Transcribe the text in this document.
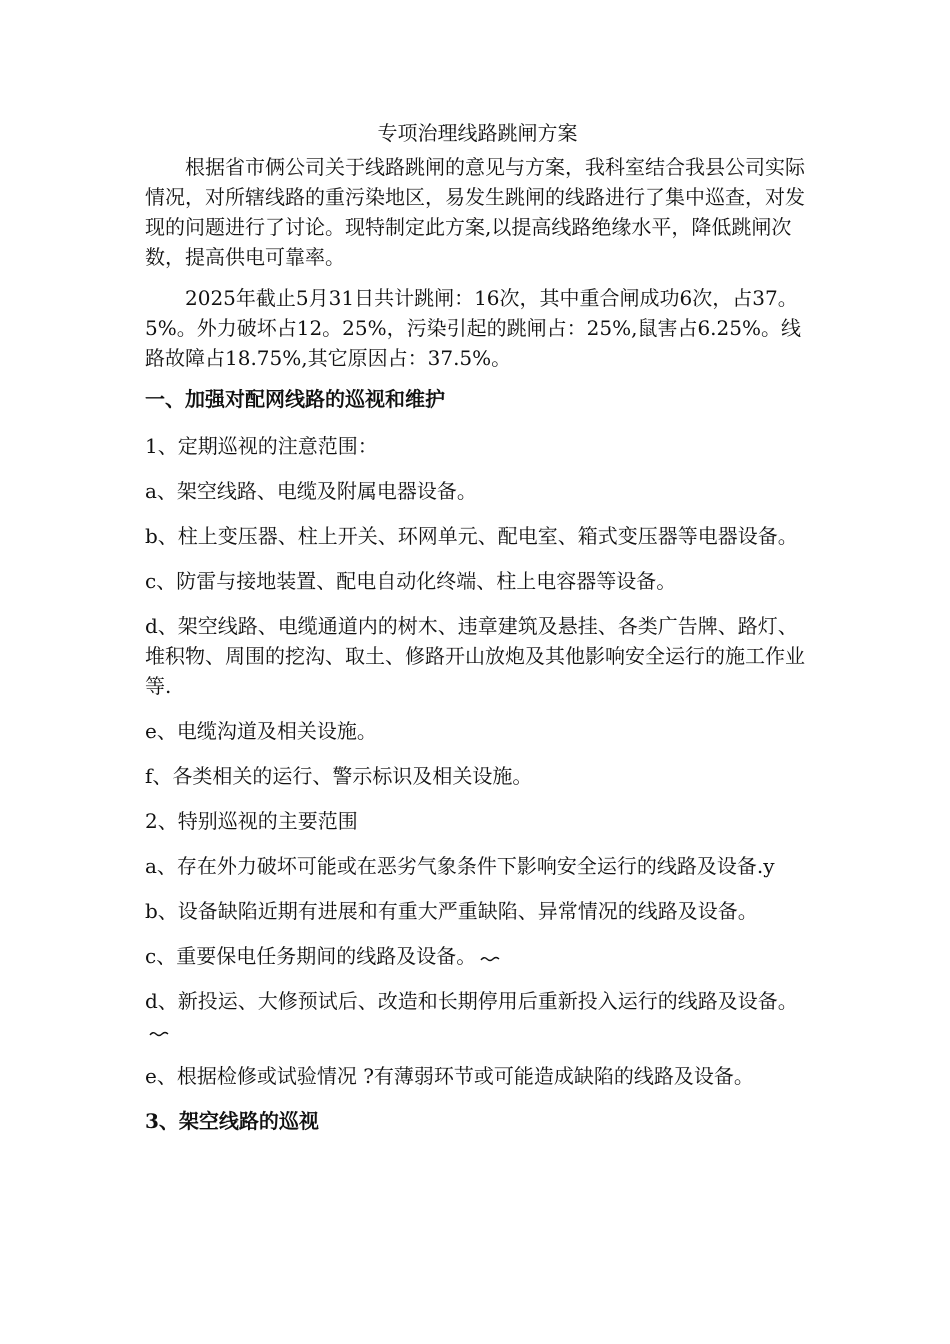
专项治理线路跳闸方案

根据省市俩公司关于线路跳闸的意见与方案，我科室结合我县公司实际情况，对所辖线路的重污染地区，易发生跳闸的线路进行了集中巡查，对发现的问题进行了讨论。现特制定此方案,以提高线路绝缘水平，降低跳闸次数，提高供电可靠率。

2025年截止5月31日共计跳闸：16次，其中重合闸成功6次，占37。5%。外力破坏占12。25%，污染引起的跳闸占：25%,鼠害占6.25%。线路故障占18.75%,其它原因占：37.5%。

一、加强对配网线路的巡视和维护
1、定期巡视的注意范围：
a、架空线路、电缆及附属电器设备。
b、柱上变压器、柱上开关、环网单元、配电室、箱式变压器等电器设备。
c、防雷与接地装置、配电自动化终端、柱上电容器等设备。
d、架空线路、电缆通道内的树木、违章建筑及悬挂、各类广告牌、路灯、堆积物、周围的挖沟、取土、修路开山放炮及其他影响安全运行的施工作业等.
e、电缆沟道及相关设施。
f、各类相关的运行、警示标识及相关设施。
2、特别巡视的主要范围
a、存在外力破坏可能或在恶劣气象条件下影响安全运行的线路及设备.y
b、设备缺陷近期有进展和有重大严重缺陷、异常情况的线路及设备。
c、重要保电任务期间的线路及设备。
d、新投运、大修预试后、改造和长期停用后重新投入运行的线路及设备。
e、根据检修或试验情况 ?有薄弱环节或可能造成缺陷的线路及设备。
3、架空线路的巡视
